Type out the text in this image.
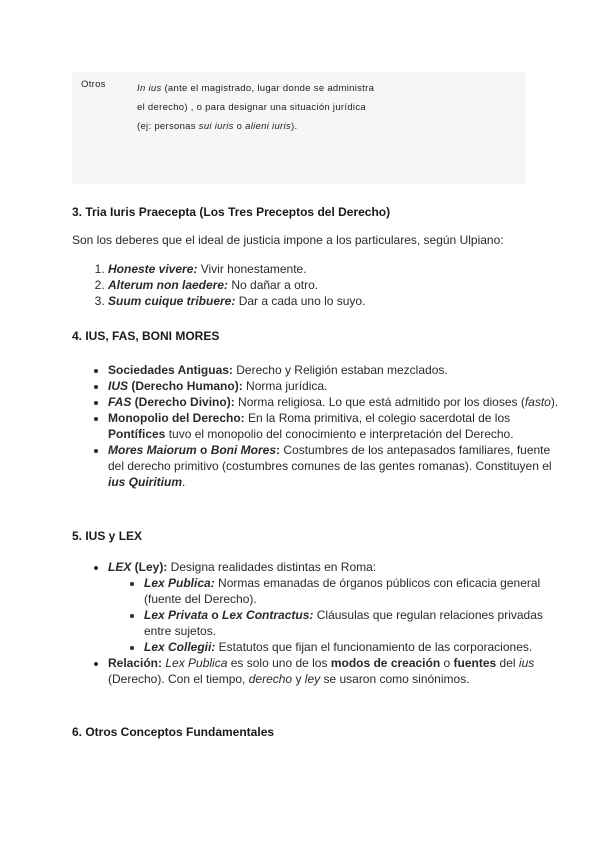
Otros	In ius (ante el magistrado, lugar donde se administra el derecho) , o para designar una situación jurídica (ej: personas sui iuris o alieni iuris).
3. Tria Iuris Praecepta (Los Tres Preceptos del Derecho)

Son los deberes que el ideal de justicia impone a los particulares, según Ulpiano:

1. Honeste vivere: Vivir honestamente.
2. Alterum non laedere: No dañar a otro.
3. Suum cuique tribuere: Dar a cada uno lo suyo.
4. IUS, FAS, BONI MORES
• Sociedades Antiguas: Derecho y Religión estaban mezclados.
• IUS (Derecho Humano): Norma jurídica.
• FAS (Derecho Divino): Norma religiosa. Lo que está admitido por los dioses (fasto).
• Monopolio del Derecho: En la Roma primitiva, el colegio sacerdotal de los Pontífices tuvo el monopolio del conocimiento e interpretación del Derecho.
• Mores Maiorum o Boni Mores: Costumbres de los antepasados familiares, fuente del derecho primitivo (costumbres comunes de las gentes romanas). Constituyen el ius Quiritium.
5. IUS y LEX
• LEX (Ley): Designa realidades distintas en Roma:
• Lex Publica: Normas emanadas de órganos públicos con eficacia general (fuente del Derecho).
• Lex Privata o Lex Contractus: Cláusulas que regulan relaciones privadas entre sujetos.
• Lex Collegii: Estatutos que fijan el funcionamiento de las corporaciones.
• Relación: Lex Publica es solo uno de los modos de creación o fuentes del ius (Derecho). Con el tiempo, derecho y ley se usaron como sinónimos.
6. Otros Conceptos Fundamentales
